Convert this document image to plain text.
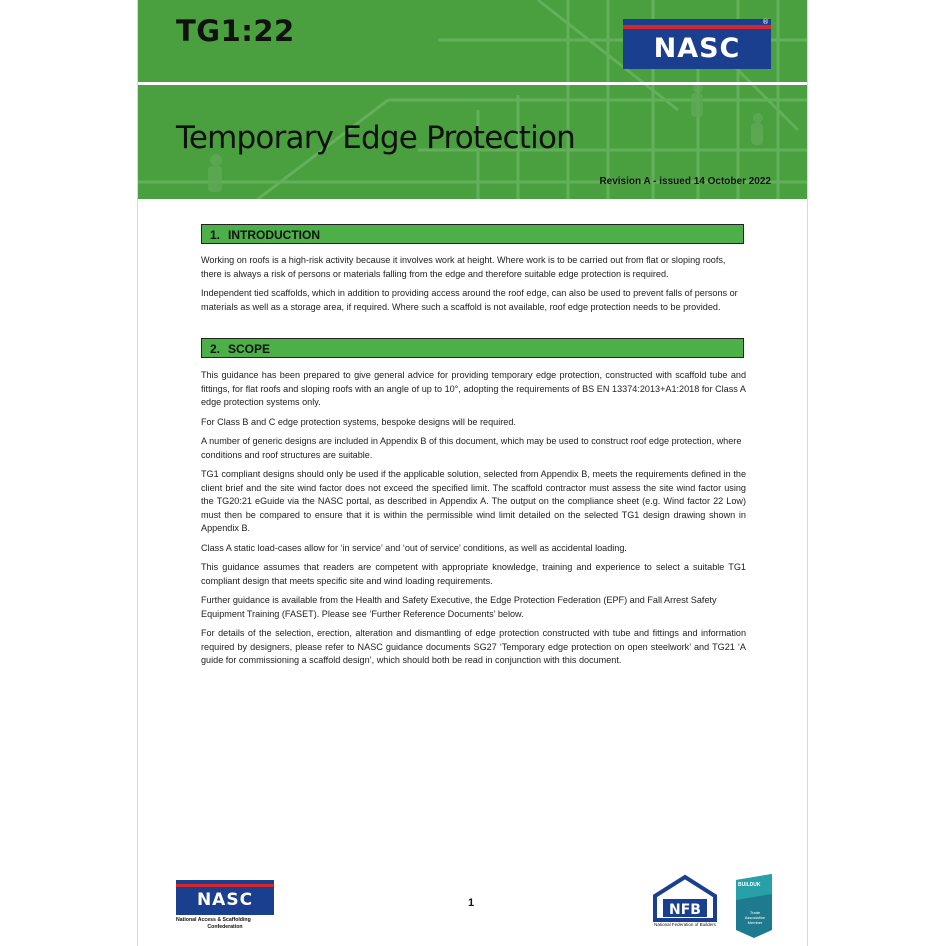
TG1:22
NASC
®
Temporary Edge Protection
Revision A - issued 14 October 2022
1. INTRODUCTION

Working on roofs is a high-risk activity because it involves work at height. Where work is to be carried out from flat or sloping roofs, there is always a risk of persons or materials falling from the edge and therefore suitable edge protection is required.

Independent tied scaffolds, which in addition to providing access around the roof edge, can also be used to prevent falls of persons or materials as well as a storage area, if required. Where such a scaffold is not available, roof edge protection needs to be provided.

2. SCOPE

This guidance has been prepared to give general advice for providing temporary edge protection, constructed with scaffold tube and fittings, for flat roofs and sloping roofs with an angle of up to 10°, adopting the requirements of BS EN 13374:2013+A1:2018 for Class A edge protection systems only.

For Class B and C edge protection systems, bespoke designs will be required.

A number of generic designs are included in Appendix B of this document, which may be used to construct roof edge protection, where conditions and roof structures are suitable.

TG1 compliant designs should only be used if the applicable solution, selected from Appendix B, meets the requirements defined in the client brief and the site wind factor does not exceed the specified limit. The scaffold contractor must assess the site wind factor using the TG20:21 eGuide via the NASC portal, as described in Appendix A. The output on the compliance sheet (e.g. Wind factor 22 Low) must then be compared to ensure that it is within the permissible wind limit detailed on the selected TG1 design drawing shown in Appendix B.

Class A static load-cases allow for ‘in service’ and ‘out of service’ conditions, as well as accidental loading.

This guidance assumes that readers are competent with appropriate knowledge, training and experience to select a suitable TG1 compliant design that meets specific site and wind loading requirements.

Further guidance is available from the Health and Safety Executive, the Edge Protection Federation (EPF) and Fall Arrest Safety Equipment Training (FASET). Please see ‘Further Reference Documents’ below.

For details of the selection, erection, alteration and dismantling of edge protection constructed with tube and fittings and information required by designers, please refer to NASC guidance documents SG27 ‘Temporary edge protection on open steelwork’ and TG21 ‘A guide for commissioning a scaffold design’, which should both be read in conjunction with this document.

NASC
National Access & Scaffolding
Confederation
1	NFB
National Federation of Builders
BUILDUK
Trade Association Member
